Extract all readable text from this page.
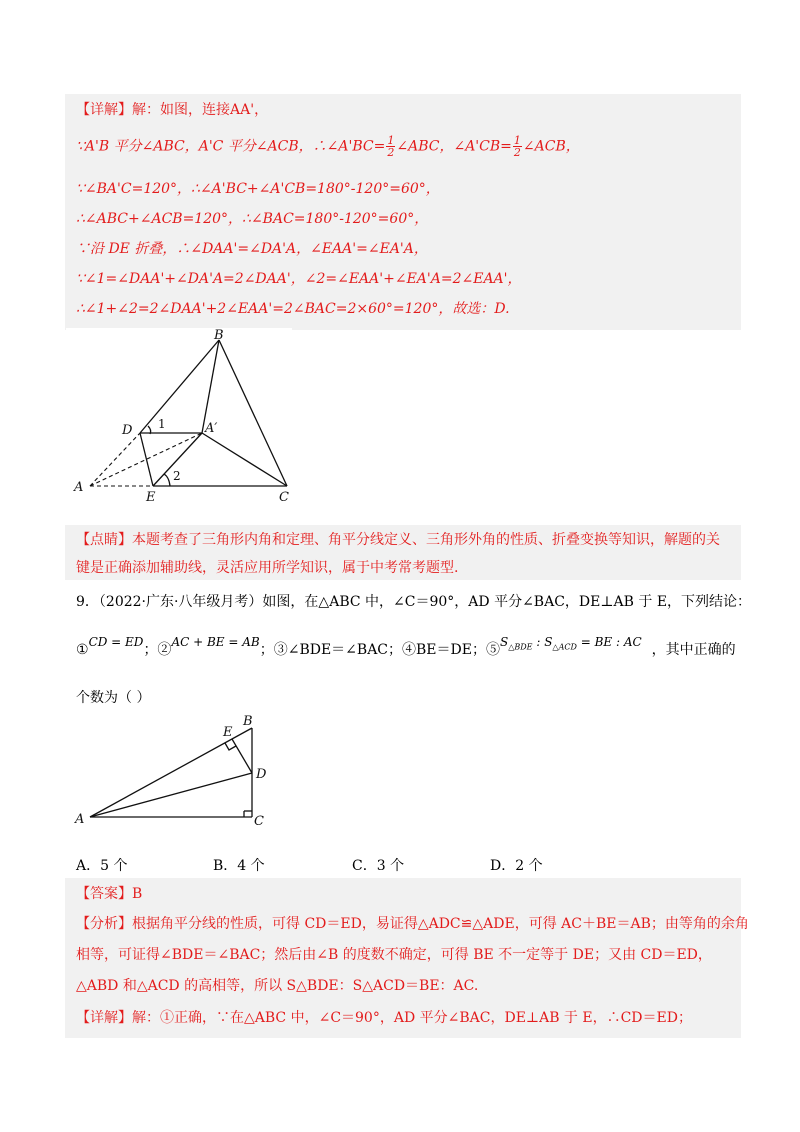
【详解】解：如图，连接AA'，
∵A'B 平分∠ABC，A'C 平分∠ACB，∴∠A'BC= $\frac{1}{2}$ ∠ABC，∠A'CB= $\frac{1}{2}$ ∠ACB，
∵∠BA'C=120°，∴∠A'BC+∠A'CB=180°-120°=60°，
∴∠ABC+∠ACB=120°，∴∠BAC=180°-120°=60°，
∵沿 DE 折叠，∴∠DAA'=∠DA'A，∠EAA'=∠EA'A，
∵∠1=∠DAA'+∠DA'A=2∠DAA'，∠2=∠EAA'+∠EA'A=2∠EAA'，
∴∠1+∠2=2∠DAA'+2∠EAA'=2∠BAC=2×60°=120°，故选：D.
B
D	A′
A
E	C
1
2
【点睛】本题考查了三角形内角和定理、角平分线定义、三角形外角的性质、折叠变换等知识，解题的关
键是正确添加辅助线，灵活应用所学知识，属于中考常考题型.
9．（2022·广东·八年级月考）如图，在△ABC 中，∠C＝90°，AD 平分∠BAC，DE⊥AB 于 E，下列结论：
①CD = ED；②AC + BE = AB；③∠BDE＝∠BAC；④BE＝DE；$⑤S_{\triangle BDE}$ : $S_{\triangle ACD}$ = BE : AC ，其中正确的
个数为（ ）
E
B
D
A	C
A．5 个	B．4 个	C．3 个	D．2 个
【答案】B
【分析】根据角平分线的性质，可得 CD＝ED，易证得△ADC≌△ADE，可得 AC＋BE＝AB；由等角的余角
相等，可证得∠BDE＝∠BAC；然后由∠B 的度数不确定，可得 BE 不一定等于 DE；又由 CD＝ED，
△ABD 和△ACD 的高相等，所以 S△BDE：S△ACD＝BE：AC.
【详解】解：①正确，∵在△ABC 中，∠C＝90°，AD 平分∠BAC，DE⊥AB 于 E，∴CD＝ED；
